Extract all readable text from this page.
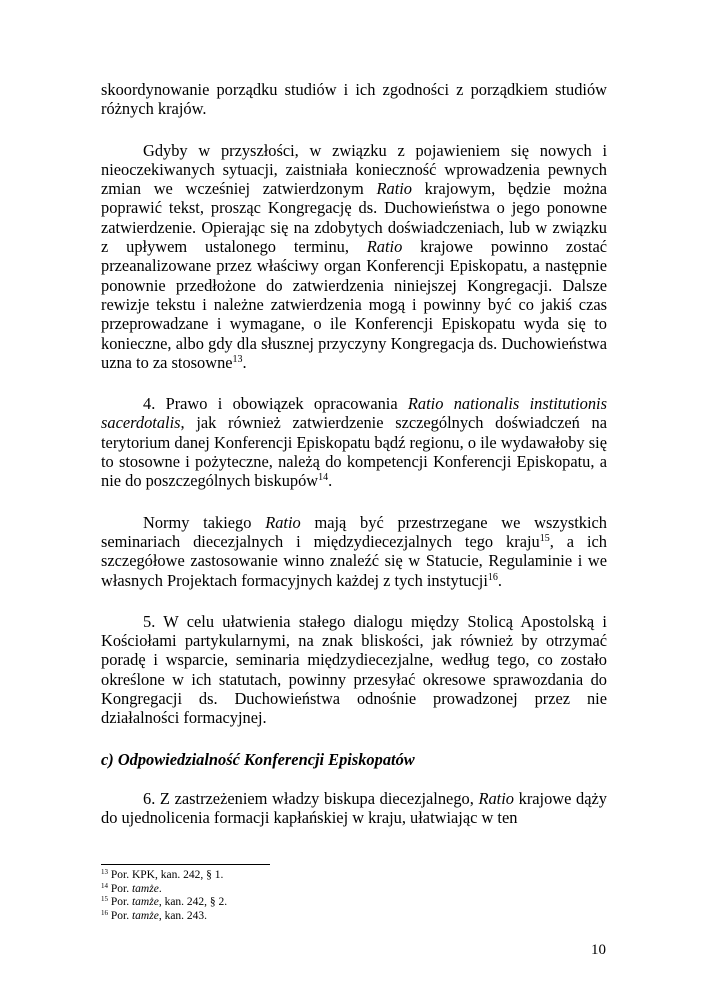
skoordynowanie porządku studiów i ich zgodności z porządkiem studiów różnych krajów.

Gdyby w przyszłości, w związku z pojawieniem się nowych i nieoczekiwanych sytuacji, zaistniała konieczność wprowadzenia pewnych zmian we wcześniej zatwierdzonym Ratio krajowym, będzie można poprawić tekst, prosząc Kongregację ds. Duchowieństwa o jego ponowne zatwierdzenie. Opierając się na zdobytych doświadczeniach, lub w związku z upływem ustalonego terminu, Ratio krajowe powinno zostać przeanalizowane przez właściwy organ Konferencji Episkopatu, a następnie ponownie przedłożone do zatwierdzenia niniejszej Kongregacji. Dalsze rewizje tekstu i należne zatwierdzenia mogą i powinny być co jakiś czas przeprowadzane i wymagane, o ile Konferencji Episkopatu wyda się to konieczne, albo gdy dla słusznej przyczyny Kongregacja ds. Duchowieństwa uzna to za stosowne$^{13}$.

4. Prawo i obowiązek opracowania Ratio nationalis institutionis sacerdotalis, jak również zatwierdzenie szczególnych doświadczeń na terytorium danej Konferencji Episkopatu bądź regionu, o ile wydawałoby się to stosowne i pożyteczne, należą do kompetencji Konferencji Episkopatu, a nie do poszczególnych biskupów$^{14}$.

Normy takiego Ratio mają być przestrzegane we wszystkich seminariach diecezjalnych i międzydiecezjalnych tego kraju$^{15}$, a ich szczegółowe zastosowanie winno znaleźć się w Statucie, Regulaminie i we własnych Projektach formacyjnych każdej z tych instytucji$^{16}$.

5. W celu ułatwienia stałego dialogu między Stolicą Apostolską i Kościołami partykularnymi, na znak bliskości, jak również by otrzymać poradę i wsparcie, seminaria międzydiecezjalne, według tego, co zostało określone w ich statutach, powinny przesyłać okresowe sprawozdania do Kongregacji ds. Duchowieństwa odnośnie prowadzonej przez nie działalności formacyjnej.

c) Odpowiedzialność Konferencji Episkopatów

6. Z zastrzeżeniem władzy biskupa diecezjalnego, Ratio krajowe dąży do ujednolicenia formacji kapłańskiej w kraju, ułatwiając w ten

$^{13}$ Por. KPK, kan. 242, § 1.
$^{14}$ Por. tamże.
$^{15}$ Por. tamże, kan. 242, § 2.
$^{16}$ Por. tamże, kan. 243.
10
